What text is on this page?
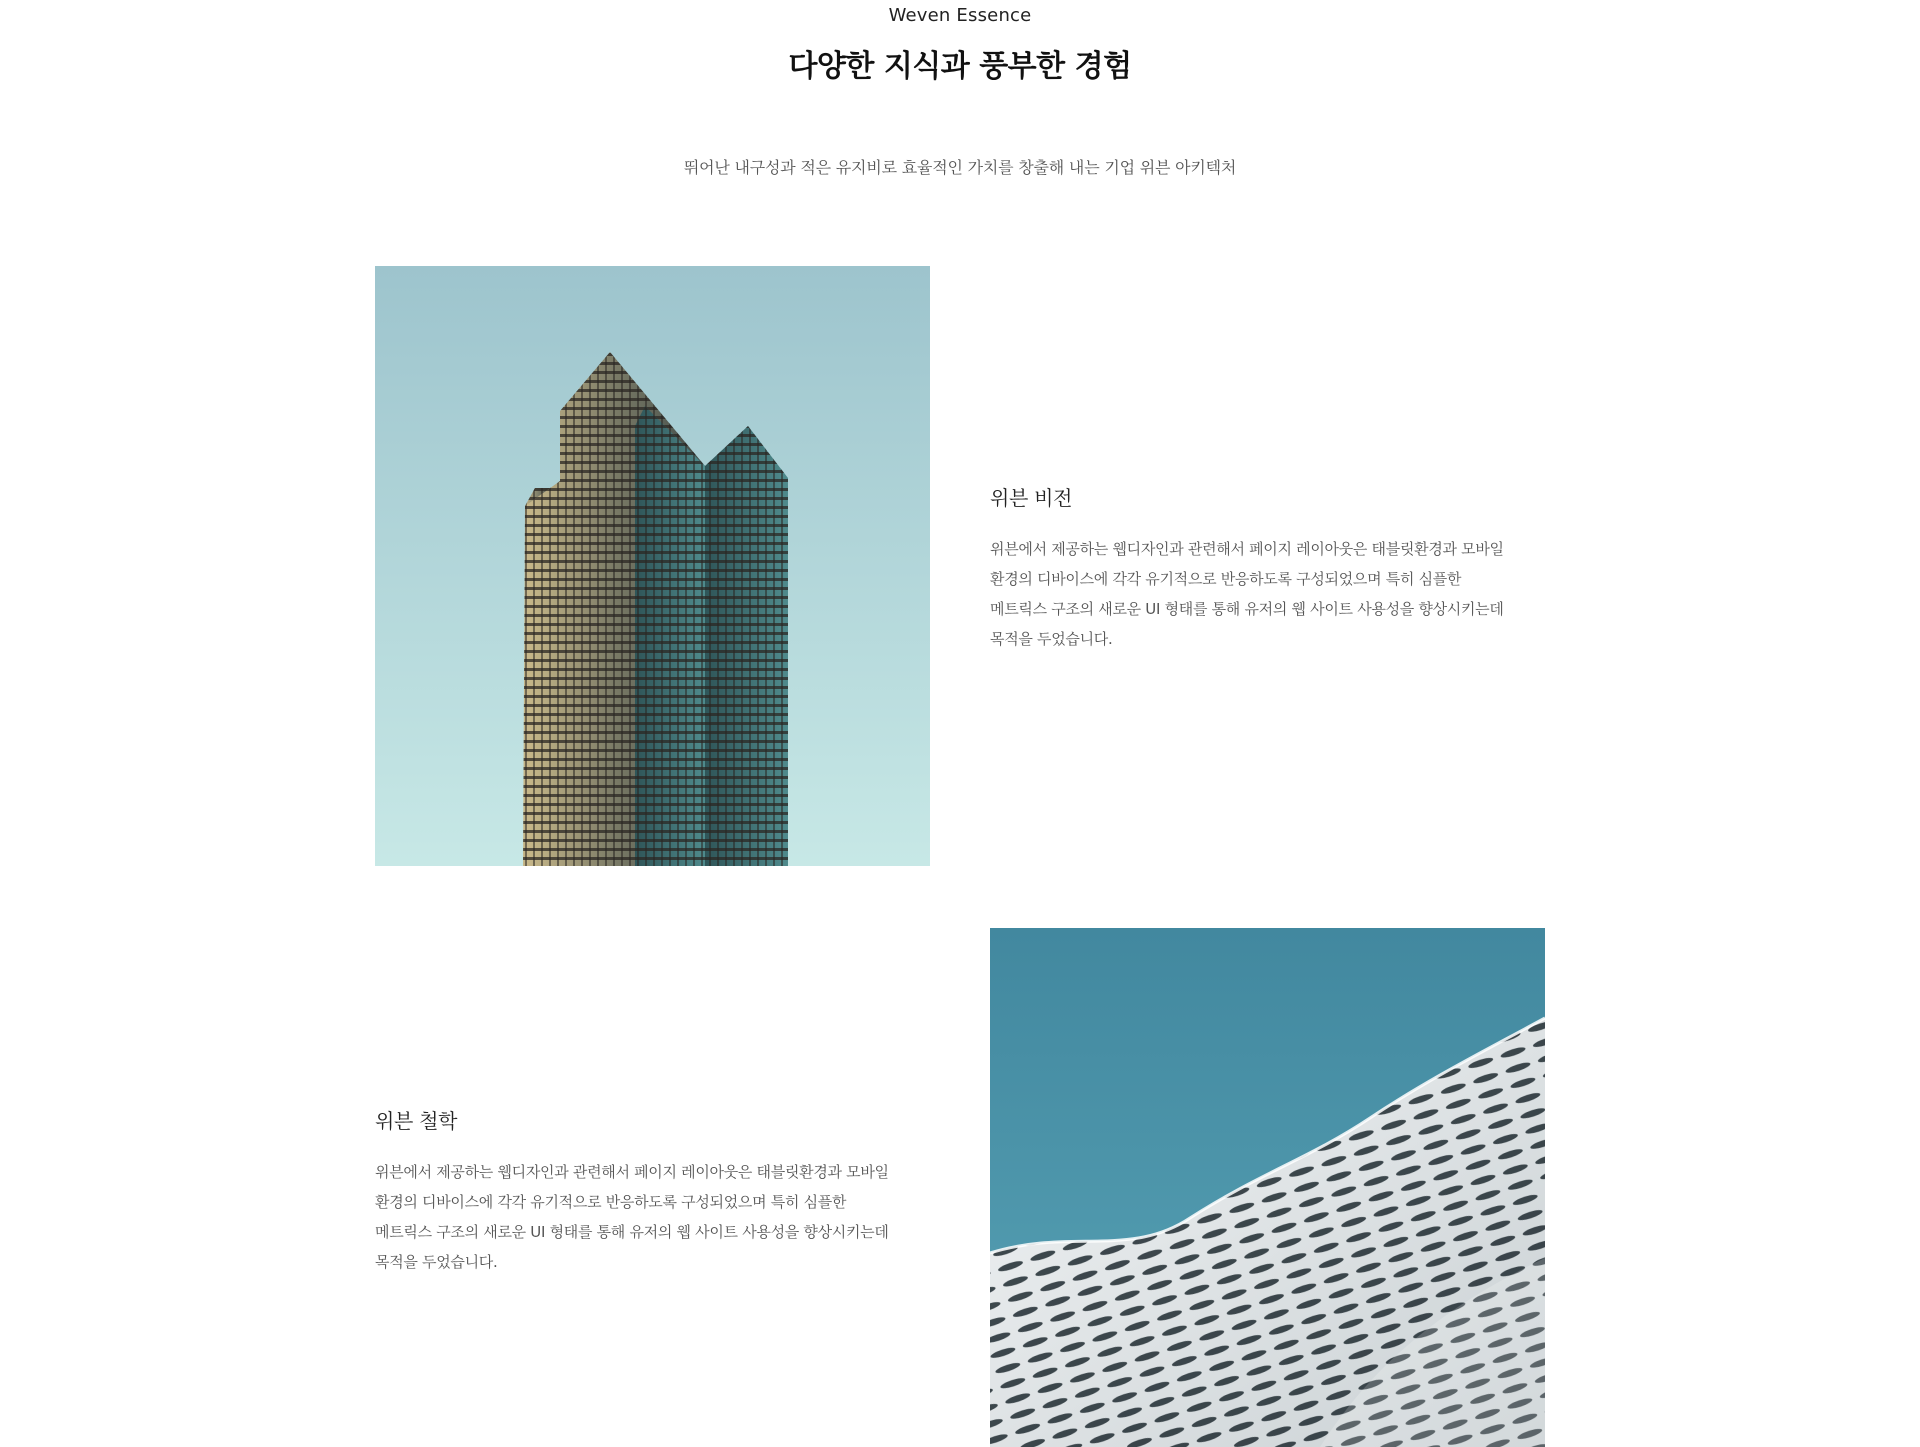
Weven Essence
다양한 지식과 풍부한 경험
뛰어난 내구성과 적은 유지비로 효율적인 가치를 창출해 내는 기업 위븐 아키텍처
위븐 비전

위븐에서 제공하는 웹디자인과 관련해서 페이지 레이아웃은 태블릿환경과 모바일 환경의 디바이스에 각각 유기적으로 반응하도록 구성되었으며 특히 심플한 메트릭스 구조의 새로운 UI 형태를 통해 유저의 웹 사이트 사용성을 향상시키는데 목적을 두었습니다.

위븐 철학

위븐에서 제공하는 웹디자인과 관련해서 페이지 레이아웃은 태블릿환경과 모바일 환경의 디바이스에 각각 유기적으로 반응하도록 구성되었으며 특히 심플한 메트릭스 구조의 새로운 UI 형태를 통해 유저의 웹 사이트 사용성을 향상시키는데 목적을 두었습니다.
